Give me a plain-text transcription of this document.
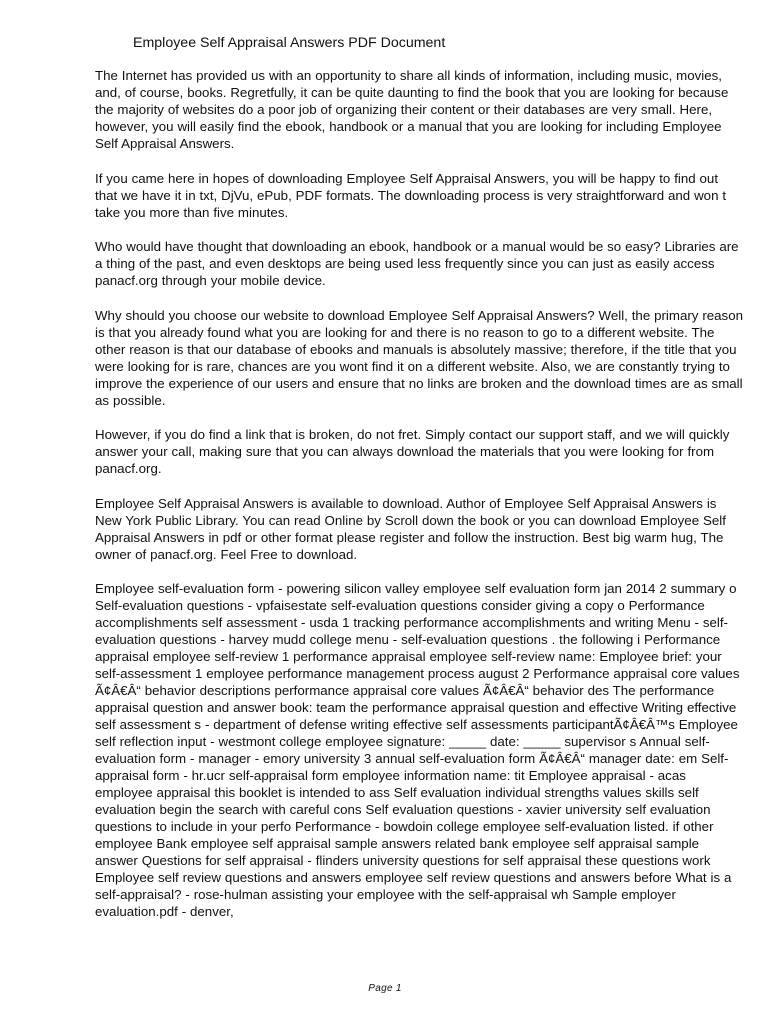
Employee Self Appraisal Answers PDF Document

The Internet has provided us with an opportunity to share all kinds of information, including music, movies, and, of course, books. Regretfully, it can be quite daunting to find the book that you are looking for because the majority of websites do a poor job of organizing their content or their databases are very small. Here, however, you will easily find the ebook, handbook or a manual that you are looking for including Employee Self Appraisal Answers.

If you came here in hopes of downloading Employee Self Appraisal Answers, you will be happy to find out that we have it in txt, DjVu, ePub, PDF formats. The downloading process is very straightforward and won t take you more than five minutes.

Who would have thought that downloading an ebook, handbook or a manual would be so easy? Libraries are a thing of the past, and even desktops are being used less frequently since you can just as easily access panacf.org through your mobile device.

Why should you choose our website to download Employee Self Appraisal Answers? Well, the primary reason is that you already found what you are looking for and there is no reason to go to a different website. The other reason is that our database of ebooks and manuals is absolutely massive; therefore, if the title that you were looking for is rare, chances are you wont find it on a different website. Also, we are constantly trying to improve the experience of our users and ensure that no links are broken and the download times are as small as possible.

However, if you do find a link that is broken, do not fret. Simply contact our support staff, and we will quickly answer your call, making sure that you can always download the materials that you were looking for from panacf.org.

Employee Self Appraisal Answers is available to download. Author of Employee Self Appraisal Answers is New York Public Library. You can read Online by Scroll down the book or you can download Employee Self Appraisal Answers in pdf or other format please register and follow the instruction. Best big warm hug, The owner of panacf.org. Feel Free to download.

Employee self-evaluation form - powering silicon valley employee self evaluation form jan 2014 2 summary o Self-evaluation questions - vpfaisestate self-evaluation questions consider giving a copy o Performance accomplishments self assessment - usda 1 tracking performance accomplishments and writing Menu - self-evaluation questions - harvey mudd college menu - self-evaluation questions . the following i Performance appraisal employee self-review 1 performance appraisal employee self-review name: Employee brief: your self-assessment 1 employee performance management process august 2 Performance appraisal core values Ã¢Â€Â“ behavior descriptions performance appraisal core values Ã¢Â€Â“ behavior des The performance appraisal question and answer book: team the performance appraisal question and effective Writing effective self assessment s - department of defense writing effective self assessments participantÃ¢Â€Â™s Employee self reflection input - westmont college employee signature: _____ date: _____ supervisor s Annual self-evaluation form - manager - emory university 3 annual self-evaluation form Ã¢Â€Â“ manager date: em Self-appraisal form - hr.ucr self-appraisal form employee information name: tit Employee appraisal - acas employee appraisal this booklet is intended to ass Self evaluation individual strengths values skills self evaluation begin the search with careful cons Self evaluation questions - xavier university self evaluation questions to include in your perfo Performance - bowdoin college employee self-evaluation listed. if other employee Bank employee self appraisal sample answers related bank employee self appraisal sample answer Questions for self appraisal - flinders university questions for self appraisal these questions work Employee self review questions and answers employee self review questions and answers before What is a self-appraisal? - rose-hulman assisting your employee with the self-appraisal wh Sample employer evaluation.pdf - denver,

Page 1
